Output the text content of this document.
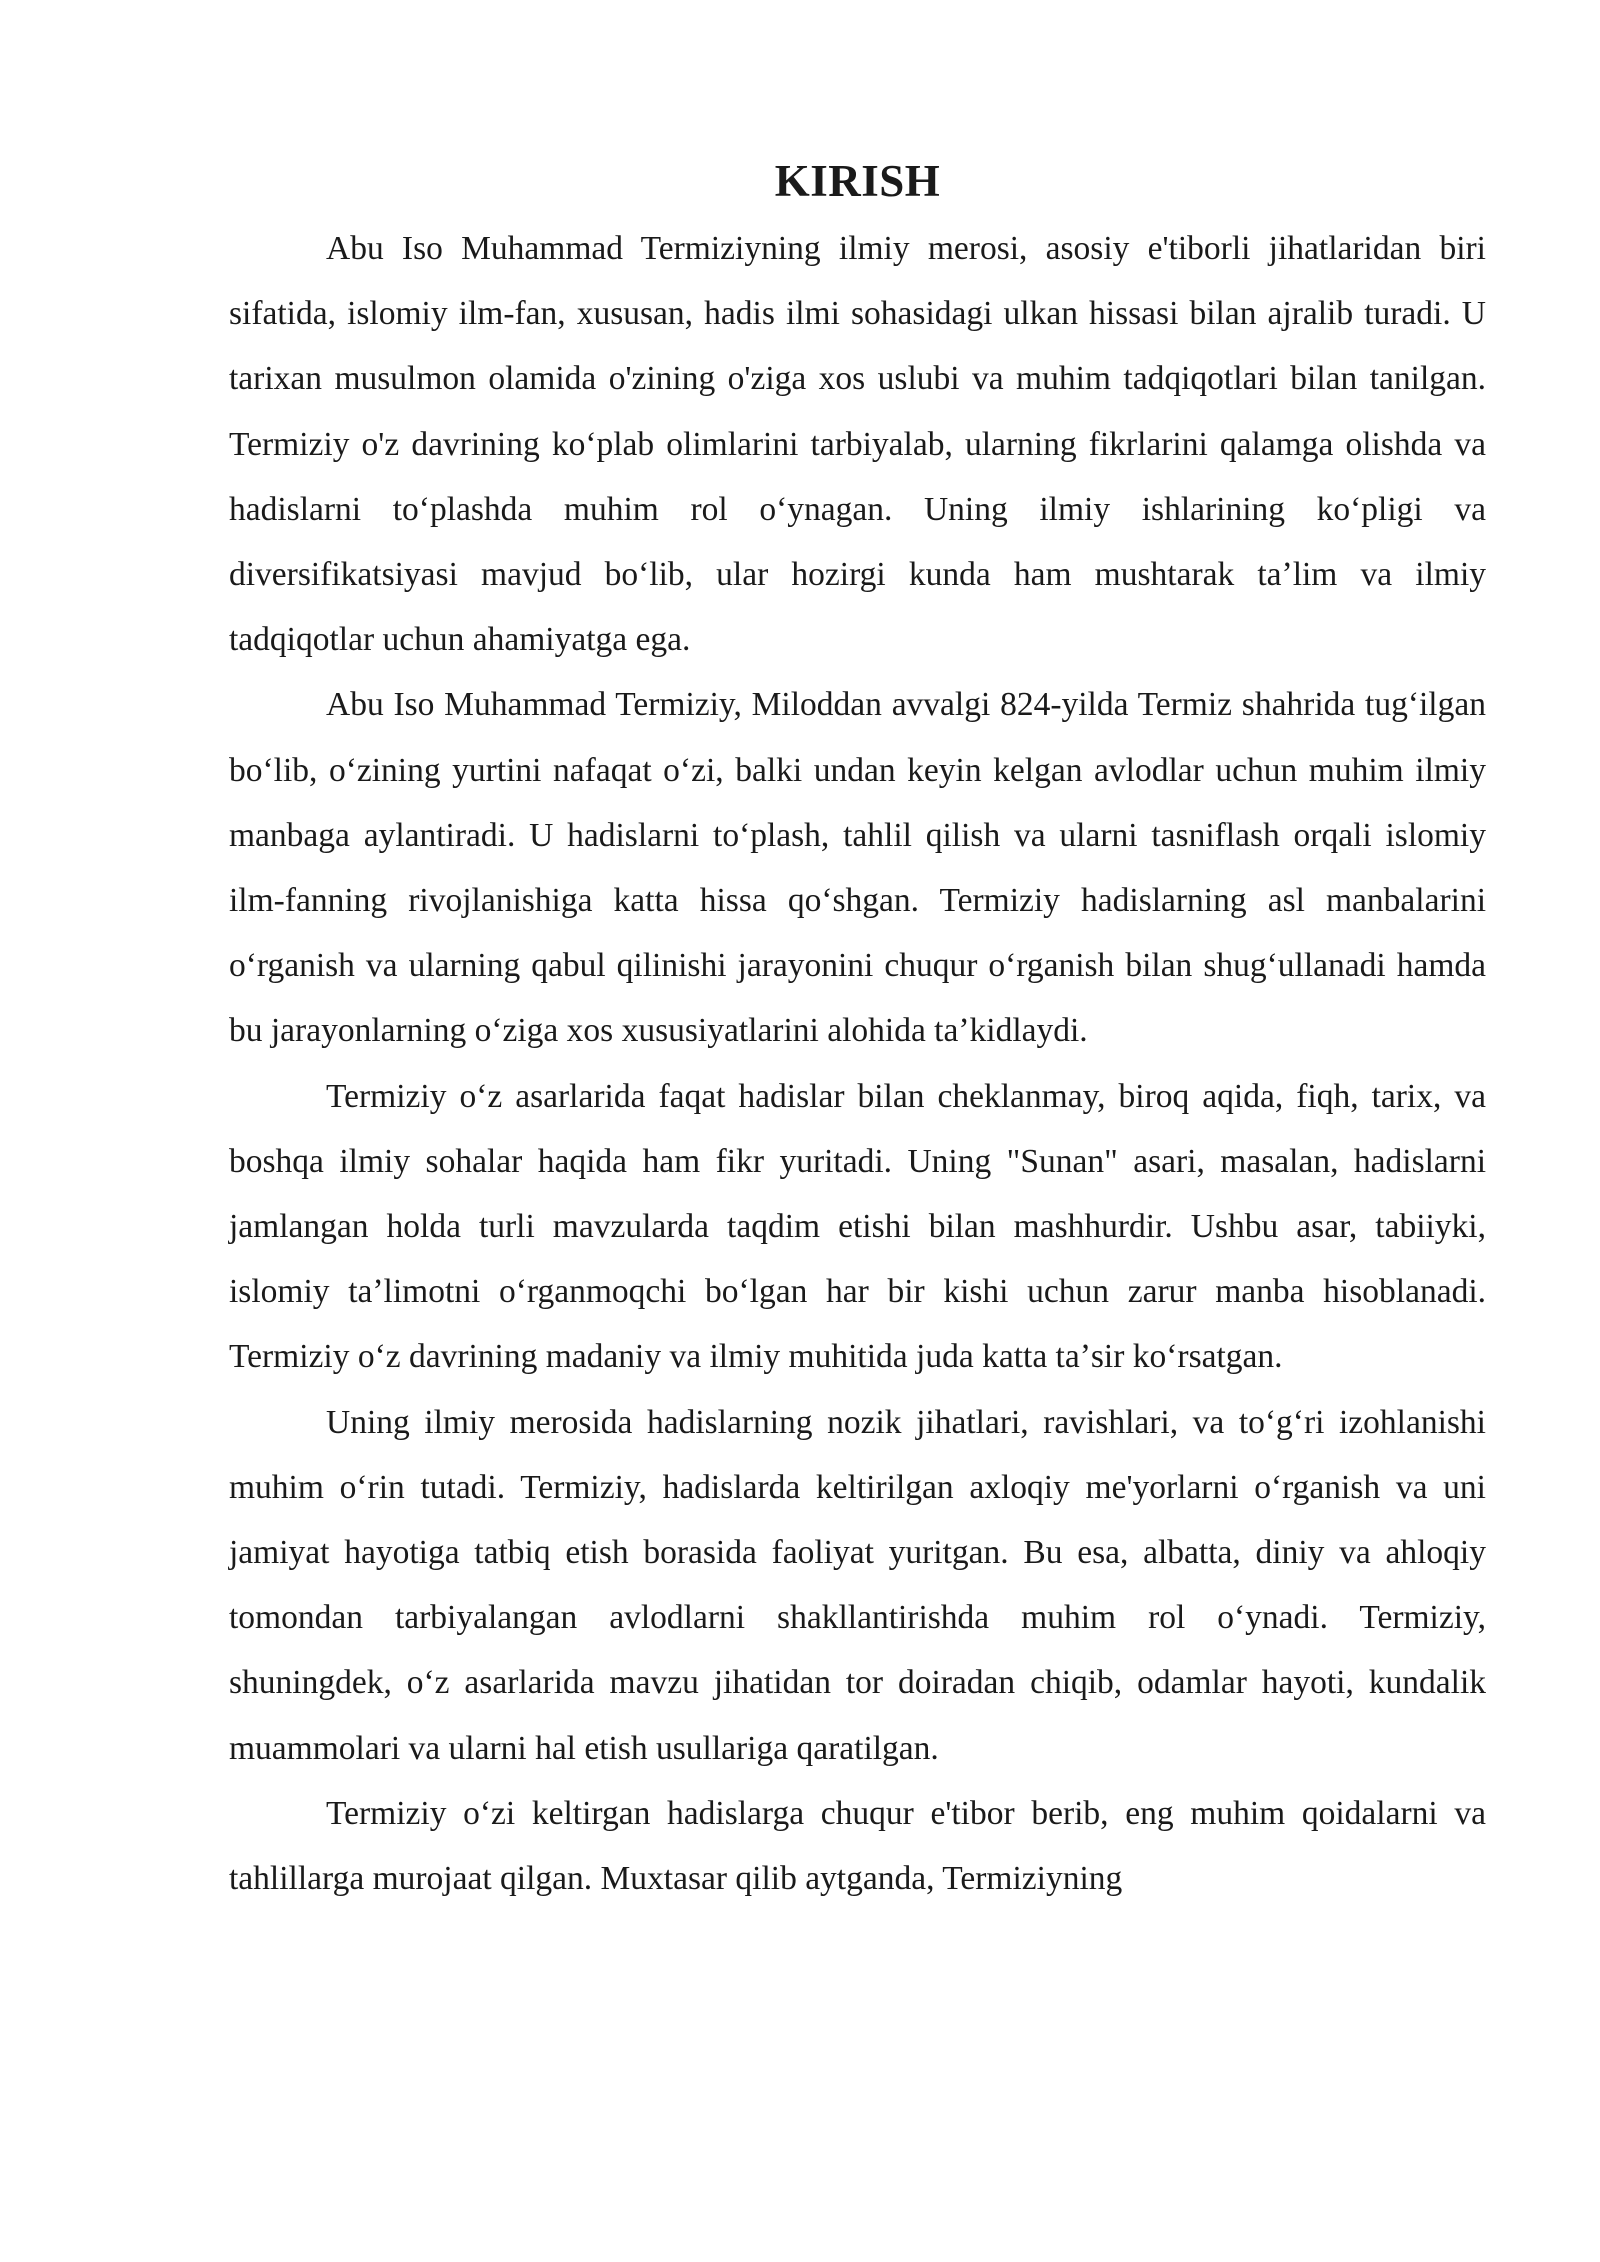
KIRISH

Abu Iso Muhammad Termiziyning ilmiy merosi, asosiy e'tiborli jihatlaridan biri sifatida, islomiy ilm-fan, xususan, hadis ilmi sohasidagi ulkan hissasi bilan ajralib turadi. U tarixan musulmon olamida o'zining o'ziga xos uslubi va muhim tadqiqotlari bilan tanilgan. Termiziy o'z davrining koʻplab olimlarini tarbiyalab, ularning fikrlarini qalamga olishda va hadislarni toʻplashda muhim rol oʻynagan. Uning ilmiy ishlarining koʻpligi va diversifikatsiyasi mavjud boʻlib, ular hozirgi kunda ham mushtarak taʼlim va ilmiy tadqiqotlar uchun ahamiyatga ega.

Abu Iso Muhammad Termiziy, Miloddan avvalgi 824-yilda Termiz shahrida tugʻilgan boʻlib, oʻzining yurtini nafaqat oʻzi, balki undan keyin kelgan avlodlar uchun muhim ilmiy manbaga aylantiradi. U hadislarni toʻplash, tahlil qilish va ularni tasniflash orqali islomiy ilm-fanning rivojlanishiga katta hissa qoʻshgan. Termiziy hadislarning asl manbalarini oʻrganish va ularning qabul qilinishi jarayonini chuqur oʻrganish bilan shugʻullanadi hamda bu jarayonlarning oʻziga xos xususiyatlarini alohida taʼkidlaydi.

Termiziy oʻz asarlarida faqat hadislar bilan cheklanmay, biroq aqida, fiqh, tarix, va boshqa ilmiy sohalar haqida ham fikr yuritadi. Uning "Sunan" asari, masalan, hadislarni jamlangan holda turli mavzularda taqdim etishi bilan mashhurdir. Ushbu asar, tabiiyki, islomiy taʼlimotni oʻrganmoqchi boʻlgan har bir kishi uchun zarur manba hisoblanadi. Termiziy oʻz davrining madaniy va ilmiy muhitida juda katta taʼsir koʻrsatgan.

Uning ilmiy merosida hadislarning nozik jihatlari, ravishlari, va toʻgʻri izohlanishi muhim oʻrin tutadi. Termiziy, hadislarda keltirilgan axloqiy me'yorlarni oʻrganish va uni jamiyat hayotiga tatbiq etish borasida faoliyat yuritgan. Bu esa, albatta, diniy va ahloqiy tomondan tarbiyalangan avlodlarni shakllantirishda muhim rol oʻynadi. Termiziy, shuningdek, oʻz asarlarida mavzu jihatidan tor doiradan chiqib, odamlar hayoti, kundalik muammolari va ularni hal etish usullariga qaratilgan.

Termiziy oʻzi keltirgan hadislarga chuqur e'tibor berib, eng muhim qoidalarni va tahlillarga murojaat qilgan. Muxtasar qilib aytganda, Termiziyning
